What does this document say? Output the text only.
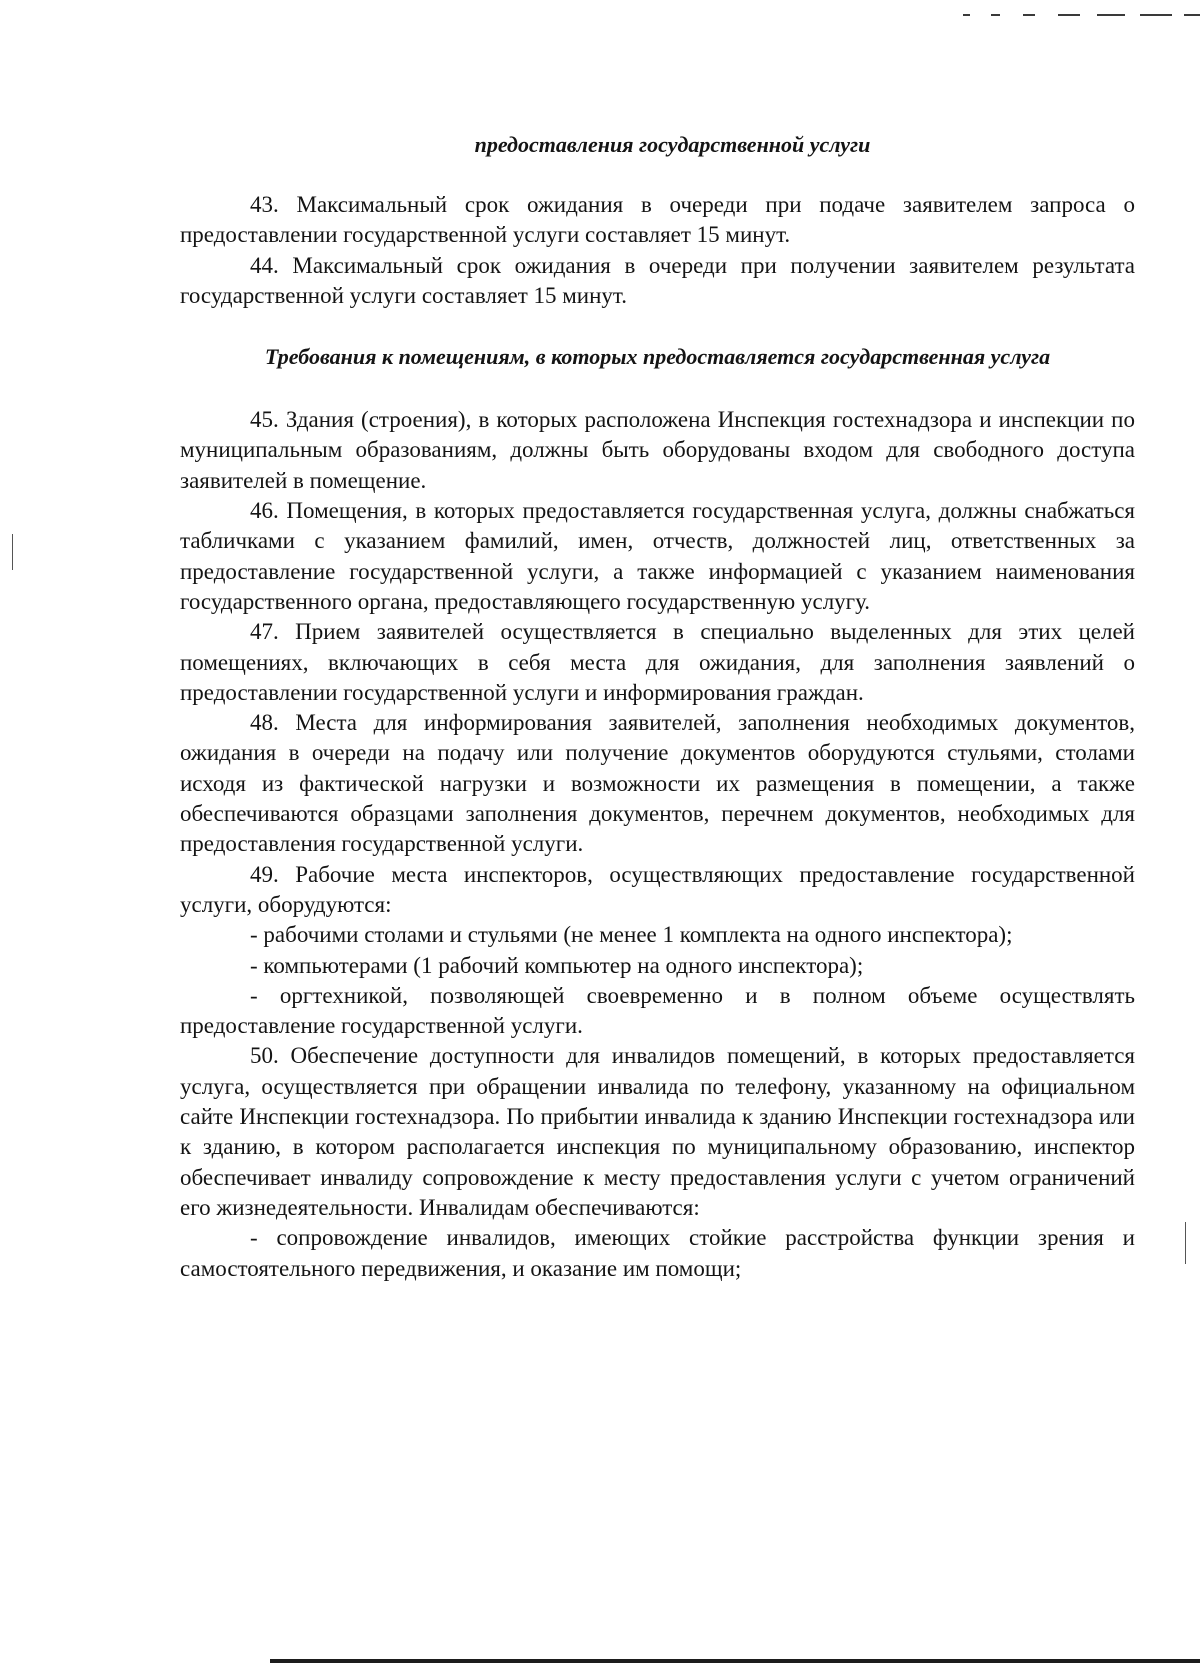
предоставления государственной услуги

43. Максимальный срок ожидания в очереди при подаче заявителем запроса о предоставлении государственной услуги составляет 15 минут.

44. Максимальный срок ожидания в очереди при получении заявителем результата государственной услуги составляет 15 минут.

Требования к помещениям, в которых предоставляется государственная услуга

45. Здания (строения), в которых расположена Инспекция гостехнадзора и инспекции по муниципальным образованиям, должны быть оборудованы входом для свободного доступа заявителей в помещение.

46. Помещения, в которых предоставляется государственная услуга, должны снабжаться табличками с указанием фамилий, имен, отчеств, должностей лиц, ответственных за предоставление государственной услуги, а также информацией с указанием наименования государственного органа, предоставляющего государственную услугу.

47. Прием заявителей осуществляется в специально выделенных для этих целей помещениях, включающих в себя места для ожидания, для заполнения заявлений о предоставлении государственной услуги и информирования граждан.

48. Места для информирования заявителей, заполнения необходимых документов, ожидания в очереди на подачу или получение документов оборудуются стульями, столами исходя из фактической нагрузки и возможности их размещения в помещении, а также обеспечиваются образцами заполнения документов, перечнем документов, необходимых для предоставления государственной услуги.

49. Рабочие места инспекторов, осуществляющих предоставление государственной услуги, оборудуются:

- рабочими столами и стульями (не менее 1 комплекта на одного инспектора);

- компьютерами (1 рабочий компьютер на одного инспектора);

- оргтехникой, позволяющей своевременно и в полном объеме осуществлять предоставление государственной услуги.

50. Обеспечение доступности для инвалидов помещений, в которых предоставляется услуга, осуществляется при обращении инвалида по телефону, указанному на официальном сайте Инспекции гостехнадзора. По прибытии инвалида к зданию Инспекции гостехнадзора или к зданию, в котором располагается инспекция по муниципальному образованию, инспектор обеспечивает инвалиду сопровождение к месту предоставления услуги с учетом ограничений его жизнедеятельности. Инвалидам обеспечиваются:

- сопровождение инвалидов, имеющих стойкие расстройства функции зрения и самостоятельного передвижения, и оказание им помощи;
